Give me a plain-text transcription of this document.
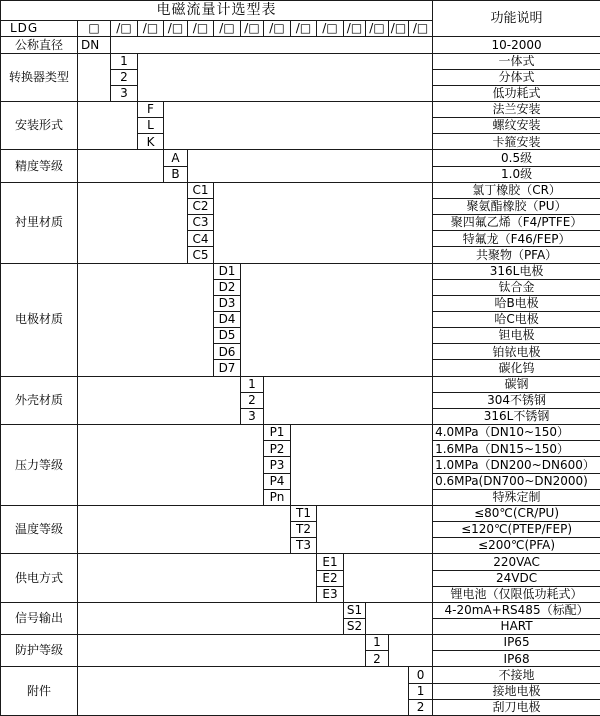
电磁流量计选型表															功能说明
LDG	□	/□	/□	/□	/□	/□	/□	/□	/□	/□	/□	/□	/□	/□	
公称直径	DN														10-2000
转换器类型		1													一体式
		2													分体式
		3													低功耗式
安装形式			F												法兰安装
			L												螺纹安装
			K												卡箍安装
精度等级				A											0.5级
				B											1.0级
衬里材质					C1										氯丁橡胶（CR）
					C2										聚氨酯橡胶（PU）
					C3										聚四氟乙烯（F4/PTFE）
					C4										特氟龙（F46/FEP）
					C5										共聚物（PFA）
电极材质						D1									316L电极
						D2									钛合金
						D3									哈B电极
						D4									哈C电极
						D5									钽电极
						D6									铂铱电极
						D7									碳化钨
外壳材质							1								碳钢
							2								304不锈钢
							3								316L不锈钢
压力等级								P1							4.0MPa（DN10~150）
								P2							1.6MPa（DN15~150）
								P3							1.0MPa（DN200~DN600）
								P4							0.6MPa(DN700~DN2000)
								Pn							特殊定制
温度等级									T1						≤80℃(CR/PU)
									T2						≤120℃(PTEP/FEP)
									T3						≤200℃(PFA)
供电方式										E1					220VAC
										E2					24VDC
										E3					锂电池（仅限低功耗式）
信号输出											S1				4-20mA+RS485（标配）
											S2				HART
防护等级												1			IP65
												2			IP68
附件														0	不接地
														1	接地电极
														2	刮刀电极
